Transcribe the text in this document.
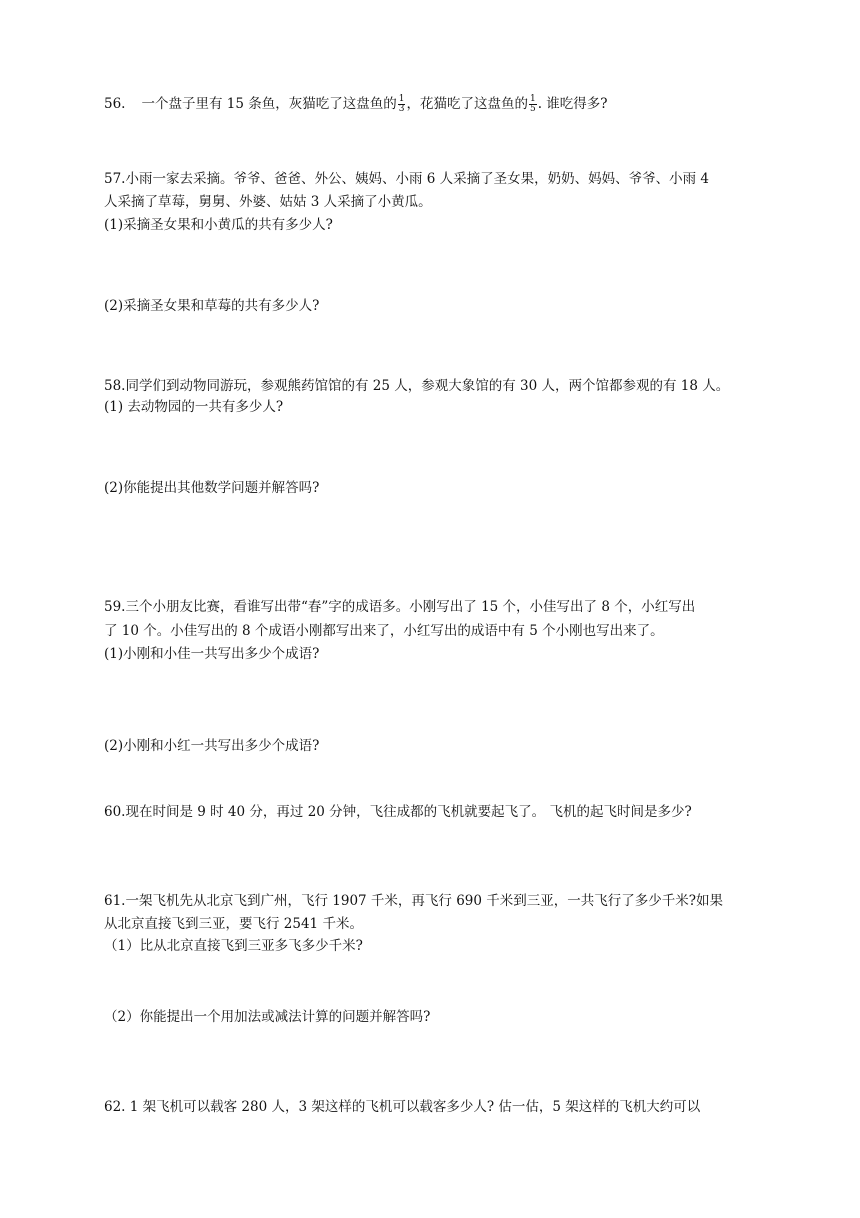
56. 一个盘子里有 15 条鱼，灰猫吃了这盘鱼的 $\frac{1}{3}$ ，花猫吃了这盘鱼的 $\frac{1}{5}$ . 谁吃得多?
57.小雨一家去采摘。爷爷、爸爸、外公、姨妈、小雨 6 人采摘了圣女果，奶奶、妈妈、爷爷、小雨 4
人采摘了草莓，舅舅、外婆、姑姑 3 人采摘了小黄瓜。
(1)采摘圣女果和小黄瓜的共有多少人?
(2)采摘圣女果和草莓的共有多少人?
58.同学们到动物同游玩，参观熊药馆馆的有 25 人，参观大象馆的有 30 人，两个馆都参观的有 18 人。
(1) 去动物园的一共有多少人?
(2)你能提出其他数学问题并解答吗?
59.三个小朋友比赛，看谁写出带“春”字的成语多。小刚写出了 15 个，小佳写出了 8 个，小红写出
了 10 个。小佳写出的 8 个成语小刚都写出来了，小红写出的成语中有 5 个小刚也写出来了。
(1)小刚和小佳一共写出多少个成语?
(2)小刚和小红一共写出多少个成语?
60.现在时间是 9 时 40 分，再过 20 分钟，飞往成都的飞机就要起飞了。 飞机的起飞时间是多少?
61.一架飞机先从北京飞到广州，飞行 1907 千米，再飞行 690 千米到三亚，一共飞行了多少千米?如果
从北京直接飞到三亚，要飞行 2541 千米。
（1）比从北京直接飞到三亚多飞多少千米?
（2）你能提出一个用加法或减法计算的问题并解答吗?
62. 1 架飞机可以载客 280 人，3 架这样的飞机可以载客多少人? 估一估，5 架这样的飞机大约可以
